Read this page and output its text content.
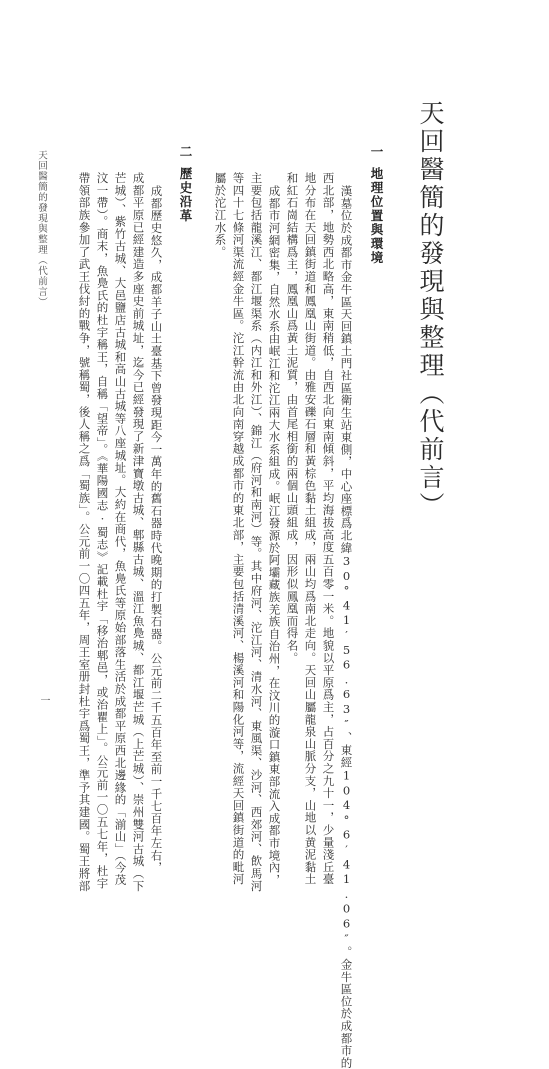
天回醫簡的發現與整理（代前言）
一地理位置與環境
漢墓位於成都市金牛區天回鎮土門社區衛生站東側，中心座標爲北緯30°41′56.63″、東經104°6′41.06″。金牛區位於成都市的
西北部，地勢西北略高，東南稍低，自西北向東南傾斜，平均海拔高度五百零一米。地貌以平原爲主，占百分之九十一，少量淺丘臺
地分布在天回鎮街道和鳳凰山街道。由雅安礫石層和黃棕色黏土組成，兩山均爲南北走向。天回山屬龍泉山脈分支，山地以黄泥黏土
和紅石崗結構爲主，鳳凰山爲黃土泥質，由首尾相銜的兩個山頭組成，因形似鳳凰而得名。
成都市河網密集，自然水系由岷江和沱江兩大水系組成。岷江發源於阿壩藏族羌族自治州，在汶川的漩口鎮東部流入成都市境內，
主要包括龍溪江、都江堰渠系（内江和外江）、錦江（府河和南河）等。其中府河、沱江河、清水河、東風渠、沙河、西郊河、飲馬河
等四十七條河渠流經金牛區。沱江幹流由北向南穿越成都市的東北部，主要包括清溪河、楊溪河和陽化河等，流經天回鎮街道的毗河
屬於沱江水系。
二歷史沿革
成都歷史悠久，成都羊子山土臺基下曾發現距今一萬年的舊石器時代晚期的打製石器。公元前二千五百年至前一千七百年左右，
成都平原已經建造多座史前城址，迄今已經發現了新津寶墩古城、郫縣古城、溫江魚鳧城、都江堰芒城（上芒城）、崇州雙河古城（下
芒城）、紫竹古城、大邑鹽店古城和高山古城等八座城址。大約在商代，魚鳧氏等原始部落生活於成都平原西北邊緣的「湔山」（今茂
汶一帶）。商末，魚鳧氏的杜宇稱王，自稱「望帝」。《華陽國志·蜀志》記載杜宇「移治郫邑，或治瞿上」。公元前一〇五七年，杜宇
帶領部族參加了武王伐紂的戰争，號稱蜀，後人稱之爲「蜀族」。公元前一〇四五年，周王室册封杜宇爲蜀王，準予其建國。蜀王將部
天回醫簡的發現與整理（代前言）
一
